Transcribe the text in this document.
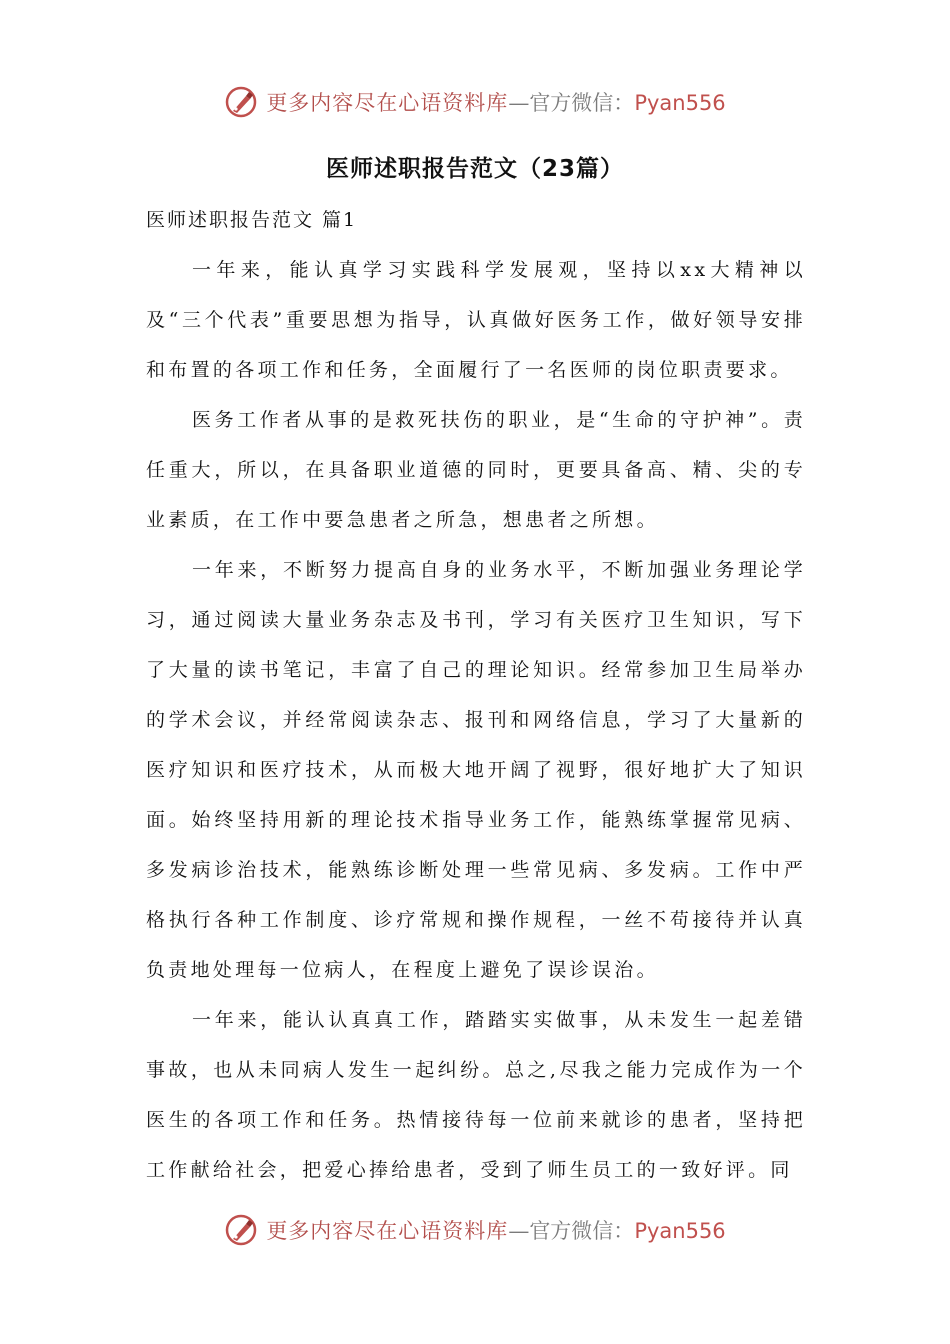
更多内容尽在心语资料库—官方微信：Pyan556
医师述职报告范文（23篇）

医师述职报告范文 篇1

一年来，能认真学习实践科学发展观，坚持以xx大精神以及“三个代表”重要思想为指导，认真做好医务工作，做好领导安排和布置的各项工作和任务，全面履行了一名医师的岗位职责要求。

医务工作者从事的是救死扶伤的职业，是“生命的守护神”。责任重大，所以，在具备职业道德的同时，更要具备高、精、尖的专业素质，在工作中要急患者之所急，想患者之所想。

一年来，不断努力提高自身的业务水平，不断加强业务理论学习，通过阅读大量业务杂志及书刊，学习有关医疗卫生知识，写下了大量的读书笔记，丰富了自己的理论知识。经常参加卫生局举办的学术会议，并经常阅读杂志、报刊和网络信息，学习了大量新的医疗知识和医疗技术，从而极大地开阔了视野，很好地扩大了知识面。始终坚持用新的理论技术指导业务工作，能熟练掌握常见病、多发病诊治技术，能熟练诊断处理一些常见病、多发病。工作中严格执行各种工作制度、诊疗常规和操作规程，一丝不苟接待并认真负责地处理每一位病人，在程度上避免了误诊误治。

一年来，能认认真真工作，踏踏实实做事，从未发生一起差错事故，也从未同病人发生一起纠纷。总之,尽我之能力完成作为一个医生的各项工作和任务。热情接待每一位前来就诊的患者，坚持把工作献给社会，把爱心捧给患者，受到了师生员工的一致好评。同

更多内容尽在心语资料库—官方微信：Pyan556
